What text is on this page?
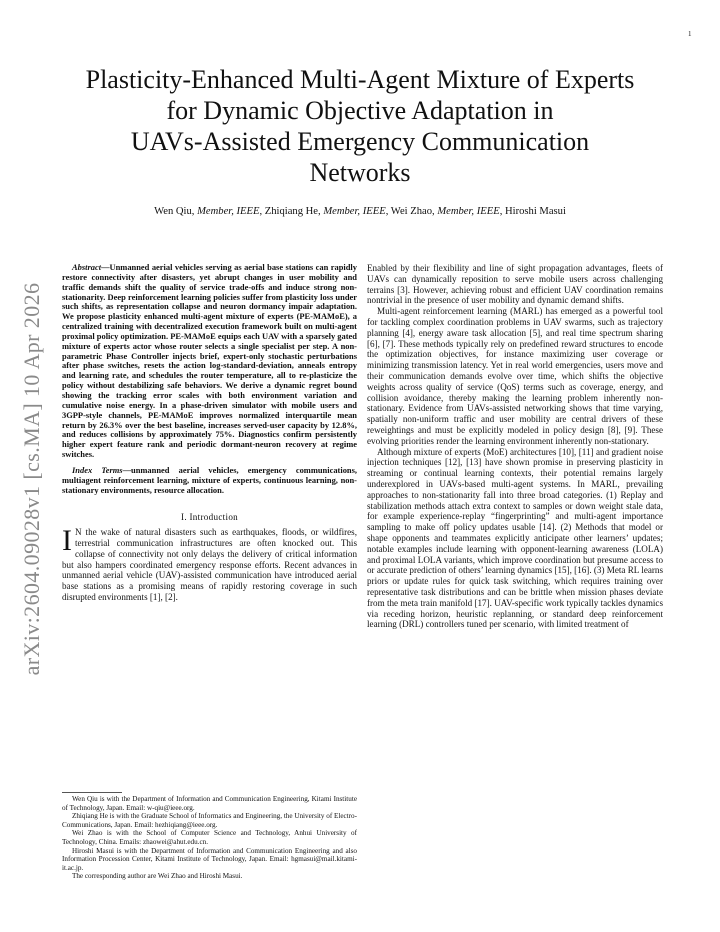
1
arXiv:2604.09028v1 [cs.MA] 10 Apr 2026
Plasticity-Enhanced Multi-Agent Mixture of Experts
for Dynamic Objective Adaptation in
UAVs-Assisted Emergency Communication
Networks
Wen Qiu, Member, IEEE, Zhiqiang He, Member, IEEE, Wei Zhao, Member, IEEE, Hiroshi Masui

Abstract—Unmanned aerial vehicles serving as aerial base stations can rapidly restore connectivity after disasters, yet abrupt changes in user mobility and traffic demands shift the quality of service trade-offs and induce strong non-stationarity. Deep reinforcement learning policies suffer from plasticity loss under such shifts, as representation collapse and neuron dormancy impair adaptation. We propose plasticity enhanced multi-agent mixture of experts (PE-MAMoE), a centralized training with decentralized execution framework built on multi-agent proximal policy optimization. PE-MAMoE equips each UAV with a sparsely gated mixture of experts actor whose router selects a single specialist per step. A non-parametric Phase Controller injects brief, expert-only stochastic perturbations after phase switches, resets the action log-standard-deviation, anneals entropy and learning rate, and schedules the router temperature, all to re-plasticize the policy without destabilizing safe behaviors. We derive a dynamic regret bound showing the tracking error scales with both environment variation and cumulative noise energy. In a phase-driven simulator with mobile users and 3GPP-style channels, PE-MAMoE improves normalized interquartile mean return by 26.3% over the best baseline, increases served-user capacity by 12.8%, and reduces collisions by approximately 75%. Diagnostics confirm persistently higher expert feature rank and periodic dormant-neuron recovery at regime switches.

Index Terms—unmanned aerial vehicles, emergency communications, multiagent reinforcement learning, mixture of experts, continuous learning, non-stationary environments, resource allocation.

I. Introduction

I N the wake of natural disasters such as earthquakes, floods, or wildfires, terrestrial communication infrastructures are often knocked out. This collapse of connectivity not only delays the delivery of critical information but also hampers coordinated emergency response efforts. Recent advances in unmanned aerial vehicle (UAV)-assisted communication have introduced aerial base stations as a promising means of rapidly restoring coverage in such disrupted environments [1], [2].

Wen Qiu is with the Department of Information and Communication Engineering, Kitami Institute of Technology, Japan. Email: w-qiu@ieee.org.

Zhiqiang He is with the Graduate School of Informatics and Engineering, the University of Electro-Communications, Japan. Email: hezhiqiang@ieee.org.

Wei Zhao is with the School of Computer Science and Technology, Anhui University of Technology, China. Emails: zhaowei@ahut.edu.cn.

Hiroshi Masui is with the Department of Information and Communication Engineering and also Information Procession Center, Kitami Institute of Technology, Japan. Email: hgmasui@mail.kitami-it.ac.jp.

The corresponding author are Wei Zhao and Hiroshi Masui.

Enabled by their flexibility and line of sight propagation advantages, fleets of UAVs can dynamically reposition to serve mobile users across challenging terrains [3]. However, achieving robust and efficient UAV coordination remains nontrivial in the presence of user mobility and dynamic demand shifts.

Multi-agent reinforcement learning (MARL) has emerged as a powerful tool for tackling complex coordination problems in UAV swarms, such as trajectory planning [4], energy aware task allocation [5], and real time spectrum sharing [6], [7]. These methods typically rely on predefined reward structures to encode the optimization objectives, for instance maximizing user coverage or minimizing transmission latency. Yet in real world emergencies, users move and their communication demands evolve over time, which shifts the objective weights across quality of service (QoS) terms such as coverage, energy, and collision avoidance, thereby making the learning problem inherently non-stationary. Evidence from UAVs-assisted networking shows that time varying, spatially non-uniform traffic and user mobility are central drivers of these reweightings and must be explicitly modeled in policy design [8], [9]. These evolving priorities render the learning environment inherently non-stationary.

Although mixture of experts (MoE) architectures [10], [11] and gradient noise injection techniques [12], [13] have shown promise in preserving plasticity in streaming or continual learning contexts, their potential remains largely underexplored in UAVs-based multi-agent systems. In MARL, prevailing approaches to non-stationarity fall into three broad categories. (1) Replay and stabilization methods attach extra context to samples or down weight stale data, for example experience-replay “fingerprinting” and multi-agent importance sampling to make off policy updates usable [14]. (2) Methods that model or shape opponents and teammates explicitly anticipate other learners’ updates; notable examples include learning with opponent-learning awareness (LOLA) and proximal LOLA variants, which improve coordination but presume access to or accurate prediction of others’ learning dynamics [15], [16]. (3) Meta RL learns priors or update rules for quick task switching, which requires training over representative task distributions and can be brittle when mission phases deviate from the meta train manifold [17]. UAV-specific work typically tackles dynamics via receding horizon, heuristic replanning, or standard deep reinforcement learning (DRL) controllers tuned per scenario, with limited treatment of
